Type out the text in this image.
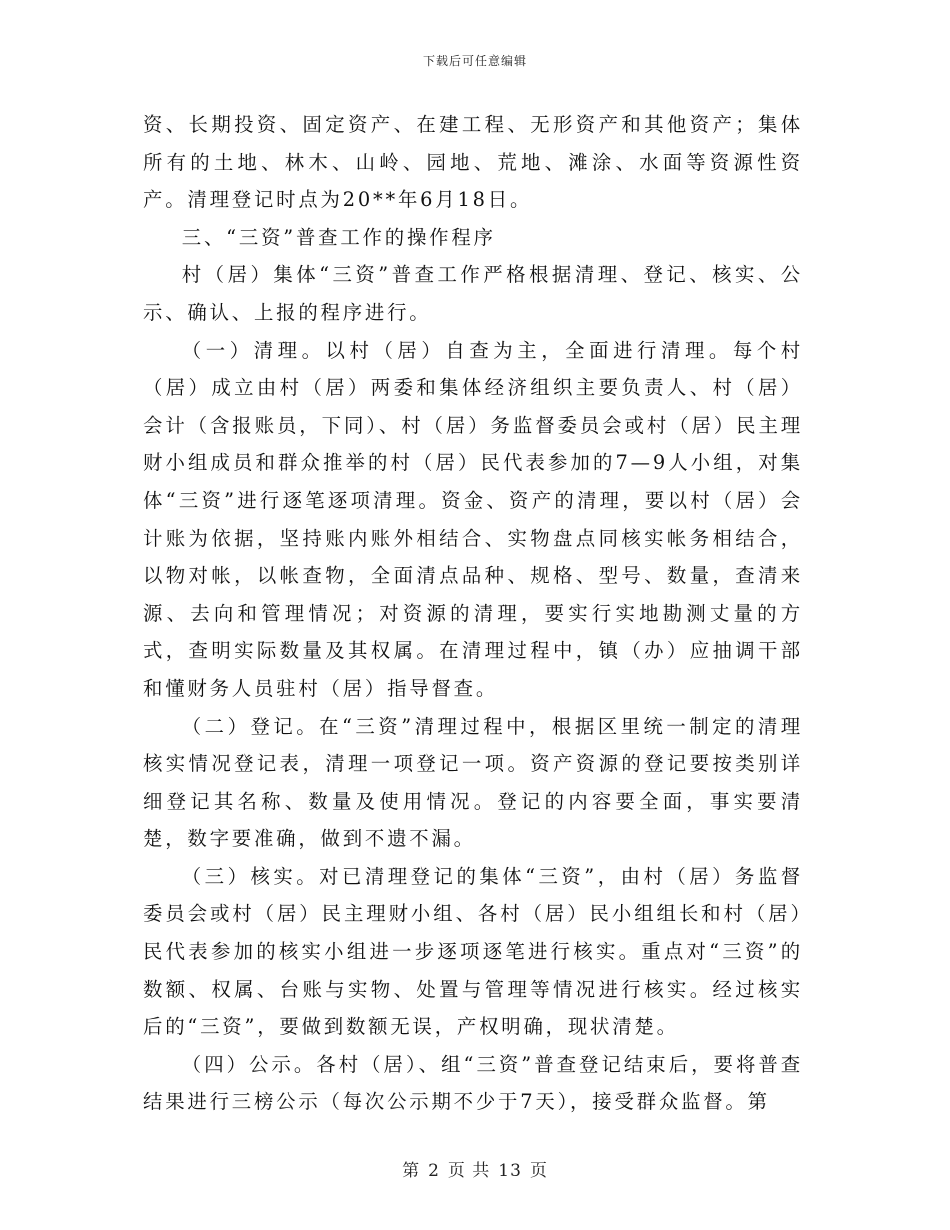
下载后可任意编辑

资、长期投资、固定资产、在建工程、无形资产和其他资产；集体所有的土地、林木、山岭、园地、荒地、滩涂、水面等资源性资产。清理登记时点为20**年6月18日。

三、“三资”普查工作的操作程序

村（居）集体“三资”普查工作严格根据清理、登记、核实、公示、确认、上报的程序进行。

（一）清理。以村（居）自查为主，全面进行清理。每个村（居）成立由村（居）两委和集体经济组织主要负责人、村（居）会计（含报账员，下同）、村（居）务监督委员会或村（居）民主理财小组成员和群众推举的村（居）民代表参加的7—9人小组，对集体“三资”进行逐笔逐项清理。资金、资产的清理，要以村（居）会计账为依据，坚持账内账外相结合、实物盘点同核实帐务相结合，以物对帐，以帐查物，全面清点品种、规格、型号、数量，查清来源、去向和管理情况；对资源的清理，要实行实地勘测丈量的方式，查明实际数量及其权属。在清理过程中，镇（办）应抽调干部和懂财务人员驻村（居）指导督查。

（二）登记。在“三资”清理过程中，根据区里统一制定的清理核实情况登记表，清理一项登记一项。资产资源的登记要按类别详细登记其名称、数量及使用情况。登记的内容要全面，事实要清楚，数字要准确，做到不遗不漏。

（三）核实。对已清理登记的集体“三资”，由村（居）务监督委员会或村（居）民主理财小组、各村（居）民小组组长和村（居）民代表参加的核实小组进一步逐项逐笔进行核实。重点对“三资”的数额、权属、台账与实物、处置与管理等情况进行核实。经过核实后的“三资”，要做到数额无误，产权明确，现状清楚。

（四）公示。各村（居）、组“三资”普查登记结束后，要将普查结果进行三榜公示（每次公示期不少于7天），接受群众监督。第

第 2 页 共 13 页
